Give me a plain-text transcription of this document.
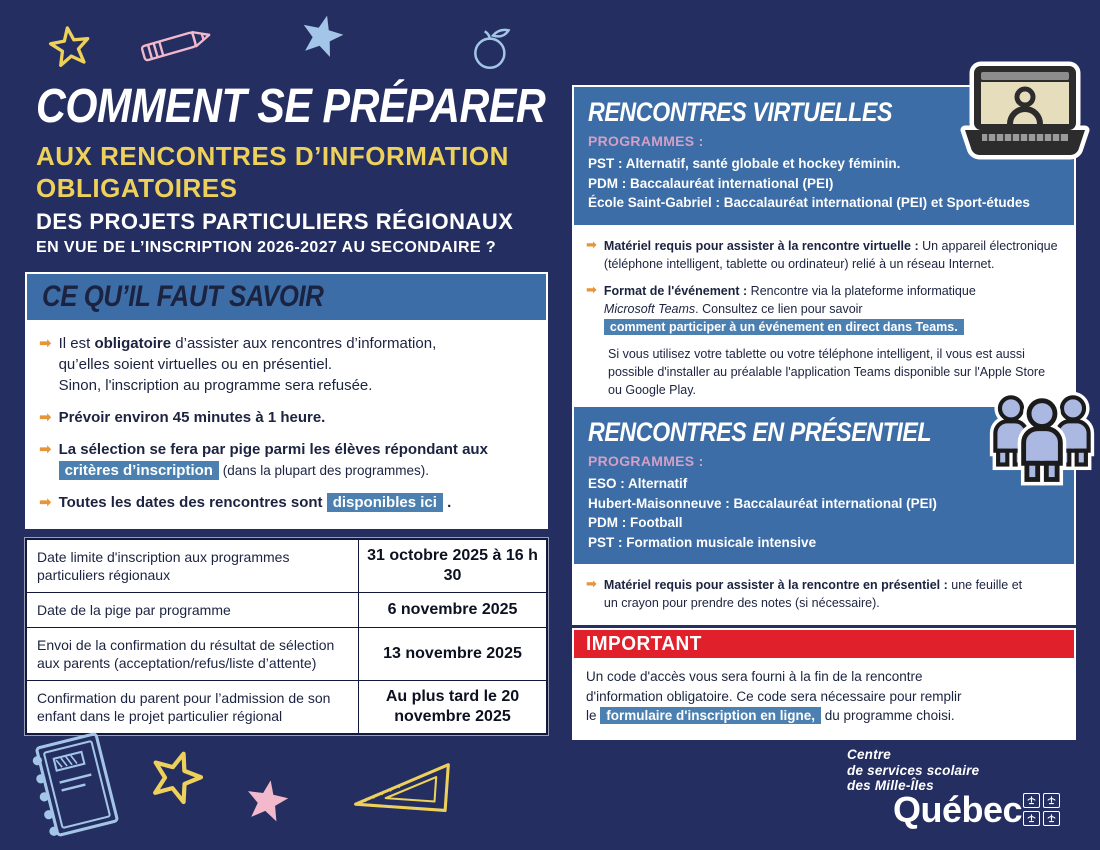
COMMENT SE PRÉPARER
AUX RENCONTRES D’INFORMATION
OBLIGATOIRES
DES PROJETS PARTICULIERS RÉGIONAUX
EN VUE DE L’INSCRIPTION 2026-2027 AU SECONDAIRE ?
CE QU’IL FAUT SAVOIR
➡ Il est obligatoire d’assister aux rencontres d’information,
qu’elles soient virtuelles ou en présentiel.
Sinon, l'inscription au programme sera refusée.
➡ Prévoir environ 45 minutes à 1 heure.
➡ La sélection se fera par pige parmi les élèves répondant aux
critères d’inscription (dans la plupart des programmes).
➡ Toutes les dates des rencontres sont disponibles ici .
Date limite d'inscription aux programmes particuliers régionaux
31 octobre 2025 à 16 h 30
Date de la pige par programme	6 novembre 2025
Envoi de la confirmation du résultat de sélection aux parents (acceptation/refus/liste d’attente)
13 novembre 2025
Confirmation du parent pour l’admission de son enfant dans le projet particulier régional
Au plus tard le 20 novembre 2025
RENCONTRES VIRTUELLES
PROGRAMMES :
PST : Alternatif, santé globale et hockey féminin.
PDM : Baccalauréat international (PEI)
École Saint-Gabriel : Baccalauréat international (PEI) et Sport-études
➡ Matériel requis pour assister à la rencontre virtuelle : Un appareil électronique
(téléphone intelligent, tablette ou ordinateur) relié à un réseau Internet.
➡ Format de l'événement : Rencontre via la plateforme informatique
Microsoft Teams. Consultez ce lien pour savoir
comment participer à un événement en direct dans Teams.
Si vous utilisez votre tablette ou votre téléphone intelligent, il vous est aussi
possible d'installer au préalable l'application Teams disponible sur l'Apple Store
ou Google Play.
RENCONTRES EN PRÉSENTIEL
PROGRAMMES :
ESO : Alternatif
Hubert-Maisonneuve : Baccalauréat international (PEI)
PDM : Football
PST : Formation musicale intensive
➡ Matériel requis pour assister à la rencontre en présentiel : une feuille et
un crayon pour prendre des notes (si nécessaire).
IMPORTANT
Un code d'accès vous sera fourni à la fin de la rencontre
d'information obligatoire. Ce code sera nécessaire pour remplir
le formulaire d'inscription en ligne, du programme choisi.
Centre
de services scolaire
des Mille-Îles
Québec
